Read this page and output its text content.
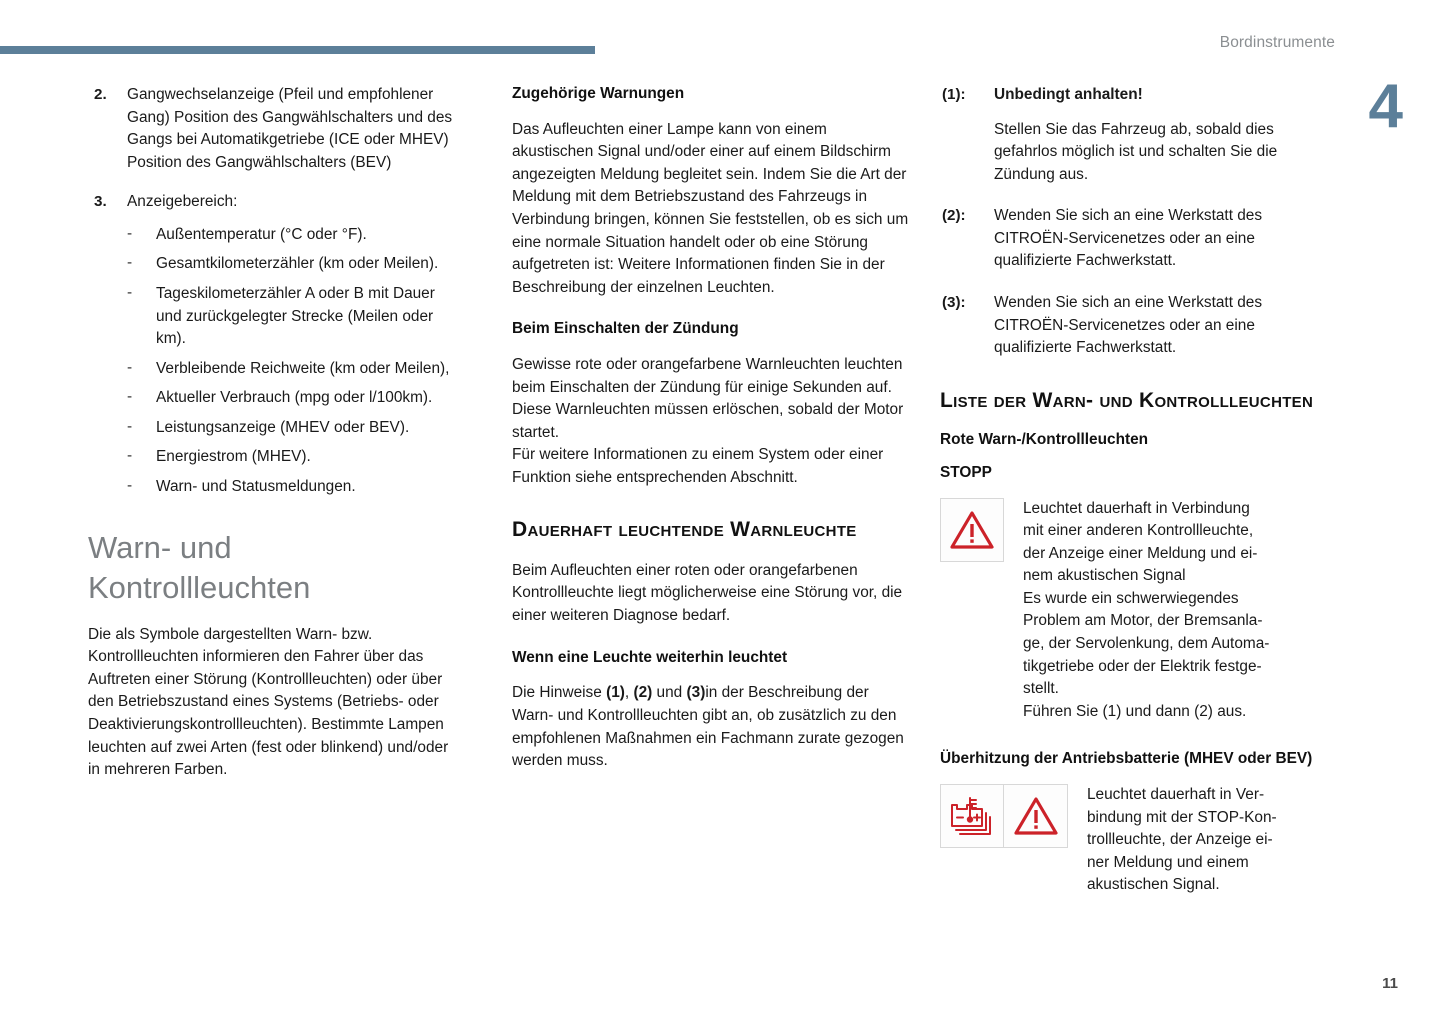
Bordinstrumente
4
11
2. Gangwechselanzeige (Pfeil und empfohlener Gang) Position des Gangwählschalters und des Gangs bei Automatikgetriebe (ICE oder MHEV) Position des Gangwählschalters (BEV)
3. Anzeigebereich:
- Außentemperatur (°C oder °F).
- Gesamtkilometerzähler (km oder Meilen).
- Tageskilometerzähler A oder B mit Dauer und zurückgelegter Strecke (Meilen oder km).
- Verbleibende Reichweite (km oder Meilen),
- Aktueller Verbrauch (mpg oder l/100km).
- Leistungsanzeige (MHEV oder BEV).
- Energiestrom (MHEV).
- Warn- und Statusmeldungen.
Warn- und Kontrollleuchten

Die als Symbole dargestellten Warn- bzw. Kontrollleuchten informieren den Fahrer über das Auftreten einer Störung (Kontrollleuchten) oder über den Betriebszustand eines Systems (Betriebs- oder Deaktivierungskontrollleuchten). Bestimmte Lampen leuchten auf zwei Arten (fest oder blinkend) und/oder in mehreren Farben.

Zugehörige Warnungen

Das Aufleuchten einer Lampe kann von einem akustischen Signal und/oder einer auf einem Bildschirm angezeigten Meldung begleitet sein. Indem Sie die Art der Meldung mit dem Betriebszustand des Fahrzeugs in Verbindung bringen, können Sie feststellen, ob es sich um eine normale Situation handelt oder ob eine Störung aufgetreten ist: Weitere Informationen finden Sie in der Beschreibung der einzelnen Leuchten.

Beim Einschalten der Zündung

Gewisse rote oder orangefarbene Warnleuchten leuchten beim Einschalten der Zündung für einige Sekunden auf. Diese Warnleuchten müssen erlöschen, sobald der Motor startet.

Für weitere Informationen zu einem System oder einer Funktion siehe entsprechenden Abschnitt.

Dauerhaft leuchtende Warnleuchte

Beim Aufleuchten einer roten oder orangefarbenen Kontrollleuchte liegt möglicherweise eine Störung vor, die einer weiteren Diagnose bedarf.

Wenn eine Leuchte weiterhin leuchtet

Die Hinweise (1), (2) und (3)in der Beschreibung der Warn- und Kontrollleuchten gibt an, ob zusätzlich zu den empfohlenen Maßnahmen ein Fachmann zurate gezogen werden muss.

(1): Unbedingt anhalten!
Stellen Sie das Fahrzeug ab, sobald dies gefahrlos möglich ist und schalten Sie die Zündung aus.
(2): Wenden Sie sich an eine Werkstatt des CITROËN-Servicenetzes oder an eine qualifizierte Fachwerkstatt.
(3): Wenden Sie sich an eine Werkstatt des CITROËN-Servicenetzes oder an eine qualifizierte Fachwerkstatt.
Liste der Warn- und Kontrollleuchten
Rote Warn-/Kontrollleuchten
STOPP
Leuchtet dauerhaft in Verbindung
mit einer anderen Kontrollleuchte,
der Anzeige einer Meldung und ei-
nem akustischen Signal
Es wurde ein schwerwiegendes
Problem am Motor, der Bremsanla-
ge, der Servolenkung, dem Automa-
tikgetriebe oder der Elektrik festge-
stellt.
Führen Sie (1) und dann (2) aus.
Überhitzung der Antriebsbatterie (MHEV oder BEV)
Leuchtet dauerhaft in Ver-
bindung mit der STOP-Kon-
trollleuchte, der Anzeige ei-
ner Meldung und einem
akustischen Signal.
